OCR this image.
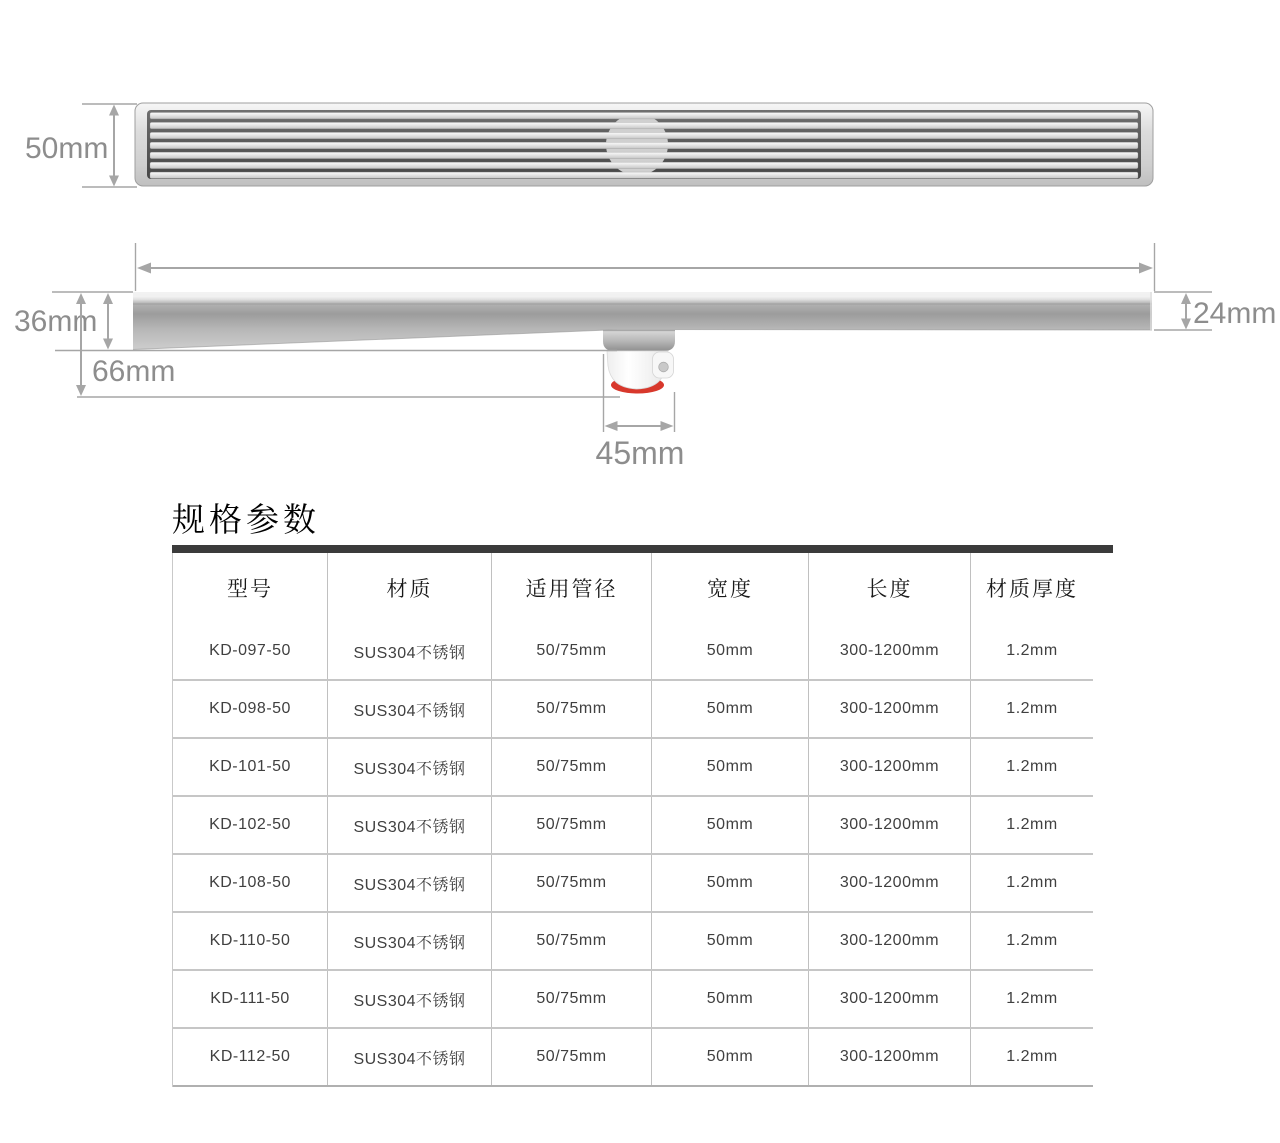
50mm
36mm
66mm
24mm
45mm
规格参数
型号	材质	适用管径	宽度	长度	材质厚度
KD-097-50	SUS304不锈钢	50/75mm	50mm	300-1200mm	1.2mm
KD-098-50	SUS304不锈钢	50/75mm	50mm	300-1200mm	1.2mm
KD-101-50	SUS304不锈钢	50/75mm	50mm	300-1200mm	1.2mm
KD-102-50	SUS304不锈钢	50/75mm	50mm	300-1200mm	1.2mm
KD-108-50	SUS304不锈钢	50/75mm	50mm	300-1200mm	1.2mm
KD-110-50	SUS304不锈钢	50/75mm	50mm	300-1200mm	1.2mm
KD-111-50	SUS304不锈钢	50/75mm	50mm	300-1200mm	1.2mm
KD-112-50	SUS304不锈钢	50/75mm	50mm	300-1200mm	1.2mm
